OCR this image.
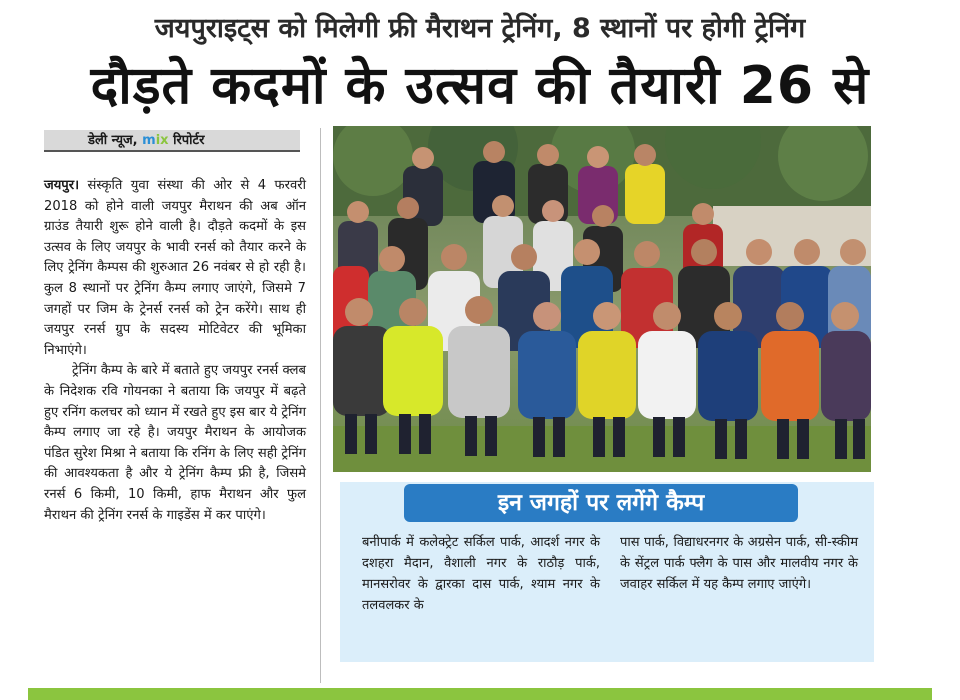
जयपुराइट्स को मिलेगी फ्री मैराथन ट्रेनिंग, 8 स्थानों पर होगी ट्रेनिंग
दौड़ते कदमों के उत्सव की तैयारी 26 से
डेली न्यूज, mix रिपोर्टर

जयपुर। संस्कृति युवा संस्था की ओर से 4 फरवरी 2018 को होने वाली जयपुर मैराथन की अब ऑन ग्राउंड तैयारी शुरू होने वाली है। दौड़ते कदमों के इस उत्सव के लिए जयपुर के भावी रनर्स को तैयार करने के लिए ट्रेनिंग कैम्पस की शुरुआत 26 नवंबर से हो रही है। कुल 8 स्थानों पर ट्रेनिंग कैम्प लगाए जाएंगे, जिसमे 7 जगहों पर जिम के ट्रेनर्स रनर्स को ट्रेन करेंगे। साथ ही जयपुर रनर्स ग्रुप के सदस्य मोटिवेटर की भूमिका निभाएंगे।

ट्रेनिंग कैम्प के बारे में बताते हुए जयपुर रनर्स क्लब के निदेशक रवि गोयनका ने बताया कि जयपुर में बढ़ते हुए रनिंग कलचर को ध्यान में रखते हुए इस बार ये ट्रेनिंग कैम्प लगाए जा रहे है। जयपुर मैराथन के आयोजक पंडित सुरेश मिश्रा ने बताया कि रनिंग के लिए सही ट्रेनिंग की आवश्यकता है और ये ट्रेनिंग कैम्प फ्री है, जिसमे रनर्स 6 किमी, 10 किमी, हाफ मैराथन और फुल मैराथन की ट्रेनिंग रनर्स के गाइडेंस में कर पाएंगे।	इन जगहों पर लगेंगे कैम्प
बनीपार्क में कलेक्ट्रेट सर्किल पार्क, आदर्श नगर के दशहरा मैदान, वैशाली नगर के राठौड़ पार्क, मानसरोवर के द्वारका दास पार्क, श्याम नगर के तलवलकर के
पास पार्क, विद्याधरनगर के अग्रसेन पार्क, सी-स्कीम के सेंट्रल पार्क फ्लैग के पास और मालवीय नगर के जवाहर सर्किल में यह कैम्प लगाए जाएंगे।
